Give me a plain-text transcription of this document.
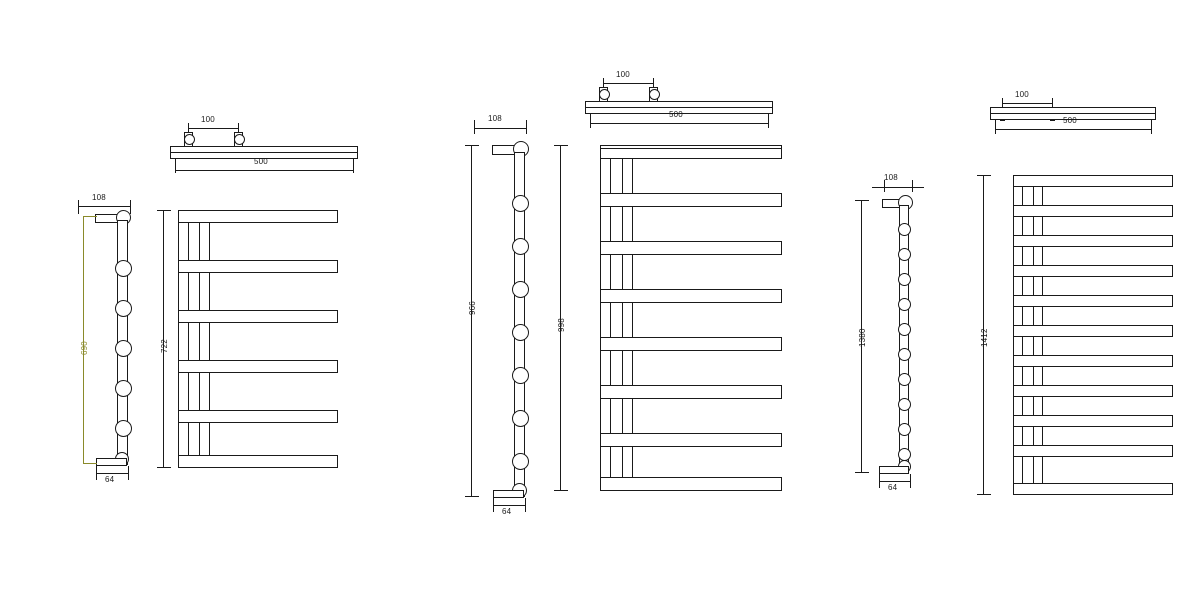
100
500
108
690
64
722
108
966
64
100
500
998
108
1380
64
100
500
1412
